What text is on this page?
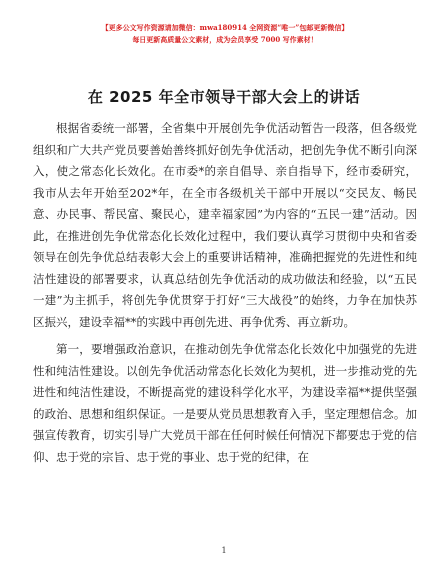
【更多公文写作资源请加微信：mwa180914 全网资源“唯一”包邮更新微信】
每日更新高质量公文素材，成为会员享受 7000 写作素材！
在 2025 年全市领导干部大会上的讲话

根据省委统一部署，全省集中开展创先争优活动暂告一段落，但各级党组织和广大共产党员要善始善终抓好创先争优活动，把创先争优不断引向深入，使之常态化长效化。在市委*的亲自倡导、亲自指导下，经市委研究，我市从去年开始至202*年，在全市各级机关干部中开展以“交民友、畅民意、办民事、帮民富、聚民心，建幸福家园”为内容的“五民一建”活动。因此，在推进创先争优常态化长效化过程中，我们要认真学习贯彻中央和省委领导在创先争优总结表彰大会上的重要讲话精神，准确把握党的先进性和纯洁性建设的部署要求，认真总结创先争优活动的成功做法和经验，以“五民一建”为主抓手，将创先争优贯穿于打好“三大战役”的始终，力争在加快苏区振兴，建设幸福**的实践中再创先进、再争优秀、再立新功。

第一，要增强政治意识，在推动创先争优常态化长效化中加强党的先进性和纯洁性建设。以创先争优活动常态化长效化为契机，进一步推动党的先进性和纯洁性建设，不断提高党的建设科学化水平，为建设幸福**提供坚强的政治、思想和组织保证。一是要从党员思想教育入手，坚定理想信念。加强宣传教育，切实引导广大党员干部在任何时候任何情况下都要忠于党的信仰、忠于党的宗旨、忠于党的事业、忠于党的纪律，在

1
